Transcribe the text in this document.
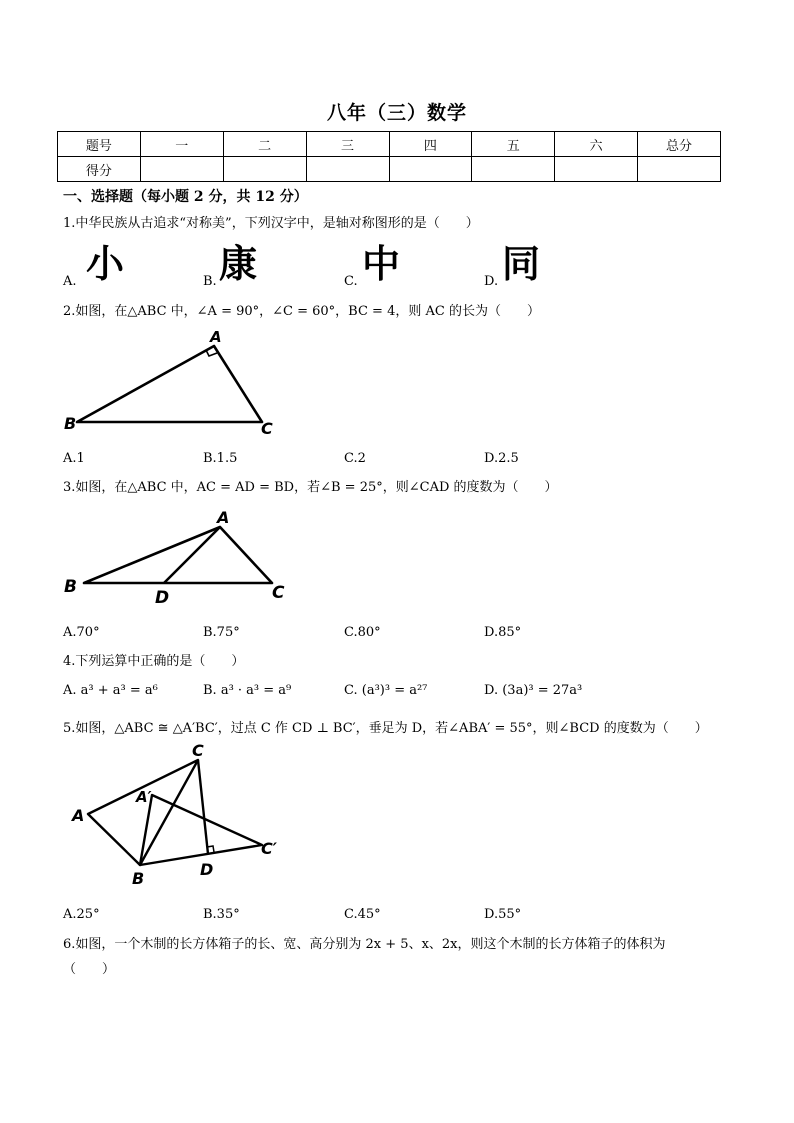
八年（三）数学
题号	一	二	三	四	五	六	总分
得分							
一、选择题（每小题 2 分，共 12 分）
1.中华民族从古追求“对称美”，下列汉字中，是轴对称图形的是（　　）
A. 小	B. 康	C. 中	D. 同
2.如图，在△ABC 中，∠A = 90°，∠C = 60°，BC = 4，则 AC 的长为（　　）
A
B	C
A.1	B.1.5	C.2	D.2.5
3.如图，在△ABC 中，AC = AD = BD，若∠B = 25°，则∠CAD 的度数为（　　）
A
B	C
D
A.70°	B.75°	C.80°	D.85°
4.下列运算中正确的是（　　）
A. a³ + a³ = a⁶	B. a³ · a³ = a⁹	C. (a³)³ = a²⁷	D. (3a)³ = 27a³
5.如图，△ABC ≅ △A′BC′，过点 C 作 CD ⊥ BC′，垂足为 D，若∠ABA′ = 55°，则∠BCD 的度数为（　　）
C
A′
A
B	D
C′
A.25°	B.35°	C.45°	D.55°
6.如图，一个木制的长方体箱子的长、宽、高分别为 2x + 5、x、2x，则这个木制的长方体箱子的体积为
（　　）
